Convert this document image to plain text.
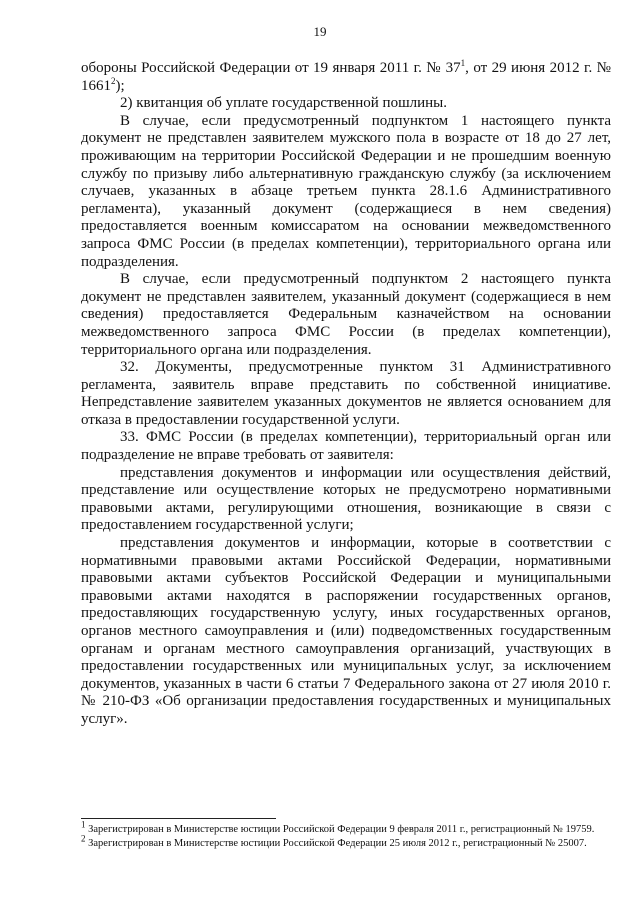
19

обороны Российской Федерации от 19 января 2011 г. № $37^1$, от 29 июня 2012 г. № 1661$^2$);

2) квитанция об уплате государственной пошлины.

В случае, если предусмотренный подпунктом 1 настоящего пункта документ не представлен заявителем мужского пола в возрасте от 18 до 27 лет, проживающим на территории Российской Федерации и не прошедшим военную службу по призыву либо альтернативную гражданскую службу (за исключением случаев, указанных в абзаце третьем пункта 28.1.6 Административного регламента), указанный документ (содержащиеся в нем сведения) предоставляется военным комиссаратом на основании межведомственного запроса ФМС России (в пределах компетенции), территориального органа или подразделения.

В случае, если предусмотренный подпунктом 2 настоящего пункта документ не представлен заявителем, указанный документ (содержащиеся в нем сведения) предоставляется Федеральным казначейством на основании межведомственного запроса ФМС России (в пределах компетенции), территориального органа или подразделения.

32. Документы, предусмотренные пунктом 31 Административного регламента, заявитель вправе представить по собственной инициативе. Непредставление заявителем указанных документов не является основанием для отказа в предоставлении государственной услуги.

33. ФМС России (в пределах компетенции), территориальный орган или подразделение не вправе требовать от заявителя:

представления документов и информации или осуществления действий, представление или осуществление которых не предусмотрено нормативными правовыми актами, регулирующими отношения, возникающие в связи с предоставлением государственной услуги;

представления документов и информации, которые в соответствии с нормативными правовыми актами Российской Федерации, нормативными правовыми актами субъектов Российской Федерации и муниципальными правовыми актами находятся в распоряжении государственных органов, предоставляющих государственную услугу, иных государственных органов, органов местного самоуправления и (или) подведомственных государственным органам и органам местного самоуправления организаций, участвующих в предоставлении государственных или муниципальных услуг, за исключением документов, указанных в части 6 статьи 7 Федерального закона от 27 июля 2010 г. № 210-ФЗ «Об организации предоставления государственных и муниципальных услуг».

$^1$ Зарегистрирован в Министерстве юстиции Российской Федерации 9 февраля 2011 г., регистрационный № 19759.

$^2$ Зарегистрирован в Министерстве юстиции Российской Федерации 25 июля 2012 г., регистрационный № 25007.
